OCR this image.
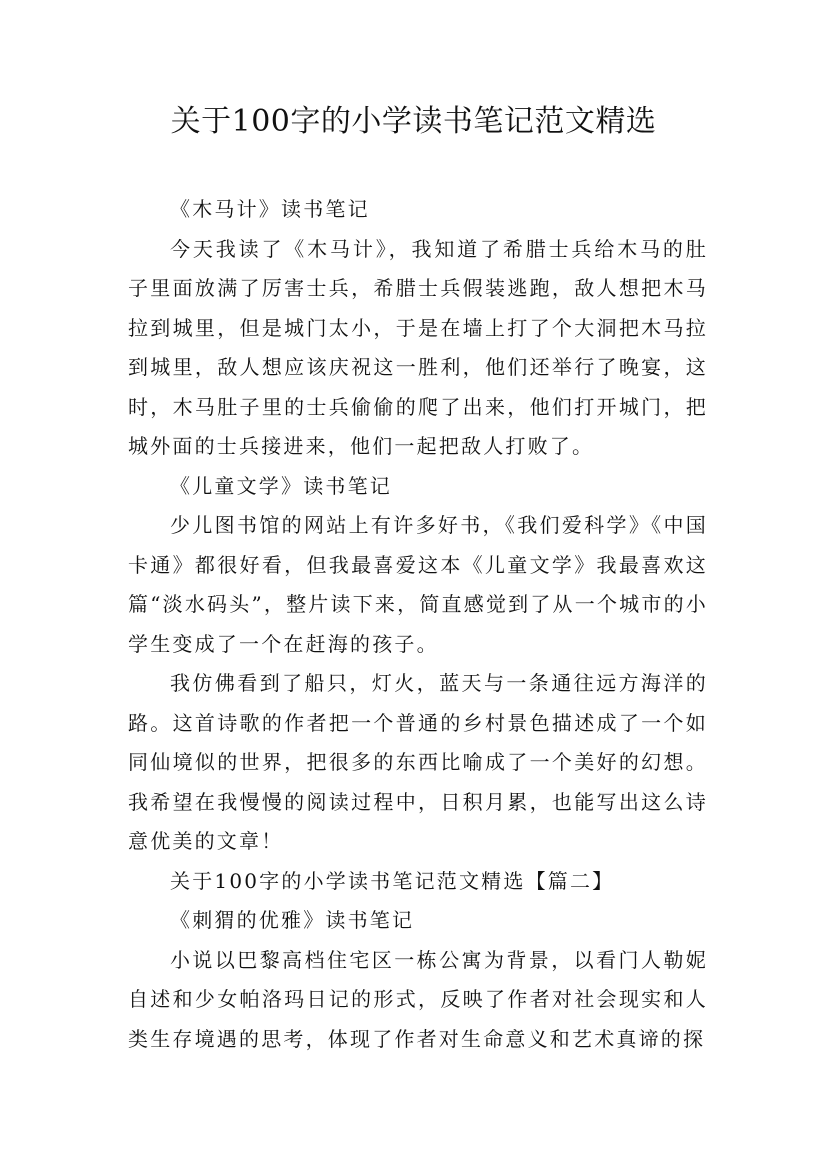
关于100字的小学读书笔记范文精选

《木马计》读书笔记

今天我读了《木马计》，我知道了希腊士兵给木马的肚子里面放满了厉害士兵，希腊士兵假装逃跑，敌人想把木马拉到城里，但是城门太小，于是在墙上打了个大洞把木马拉到城里，敌人想应该庆祝这一胜利，他们还举行了晚宴，这时，木马肚子里的士兵偷偷的爬了出来，他们打开城门，把城外面的士兵接进来，他们一起把敌人打败了。

《儿童文学》读书笔记

少儿图书馆的网站上有许多好书，《我们爱科学》《中国卡通》都很好看，但我最喜爱这本《儿童文学》我最喜欢这篇“淡水码头”，整片读下来，简直感觉到了从一个城市的小学生变成了一个在赶海的孩子。

我仿佛看到了船只，灯火，蓝天与一条通往远方海洋的路。这首诗歌的作者把一个普通的乡村景色描述成了一个如同仙境似的世界，把很多的东西比喻成了一个美好的幻想。我希望在我慢慢的阅读过程中，日积月累，也能写出这么诗意优美的文章！

关于100字的小学读书笔记范文精选【篇二】

《刺猬的优雅》读书笔记

小说以巴黎高档住宅区一栋公寓为背景，以看门人勒妮自述和少女帕洛玛日记的形式，反映了作者对社会现实和人类生存境遇的思考，体现了作者对生命意义和艺术真谛的探
